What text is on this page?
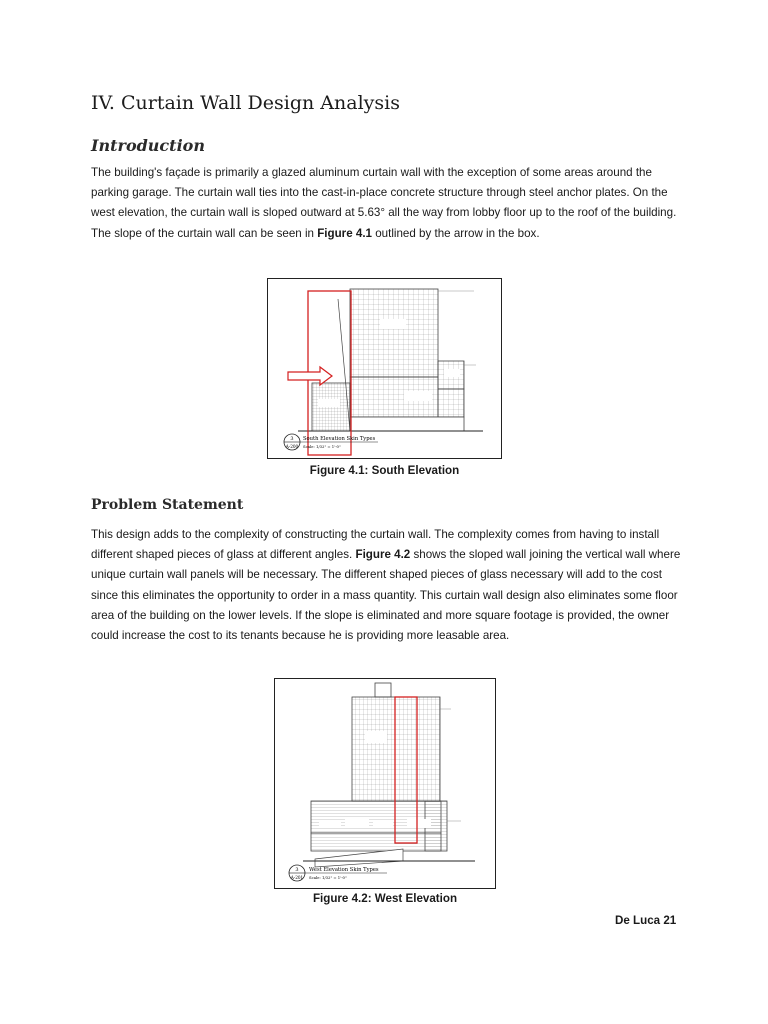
IV. Curtain Wall Design Analysis
Introduction

The building's façade is primarily a glazed aluminum curtain wall with the exception of some areas around the parking garage. The curtain wall ties into the cast-in-place concrete structure through steel anchor plates. On the west elevation, the curtain wall is sloped outward at 5.63° all the way from lobby floor up to the roof of the building. The slope of the curtain wall can be seen in Figure 4.1 outlined by the arrow in the box.

3
A-200
South Elevation Skin Types
Scale: 1/32" = 1'-0"
Figure 4.1: South Elevation
Problem Statement

This design adds to the complexity of constructing the curtain wall. The complexity comes from having to install different shaped pieces of glass at different angles. Figure 4.2 shows the sloped wall joining the vertical wall where unique curtain wall panels will be necessary. The different shaped pieces of glass necessary will add to the cost since this eliminates the opportunity to order in a mass quantity. This curtain wall design also eliminates some floor area of the building on the lower levels. If the slope is eliminated and more square footage is provided, the owner could increase the cost to its tenants because he is providing more leasable area.

3
A-201
West Elevation Skin Types
Scale: 1/32" = 1'-0"
Figure 4.2: West Elevation
De Luca 21
